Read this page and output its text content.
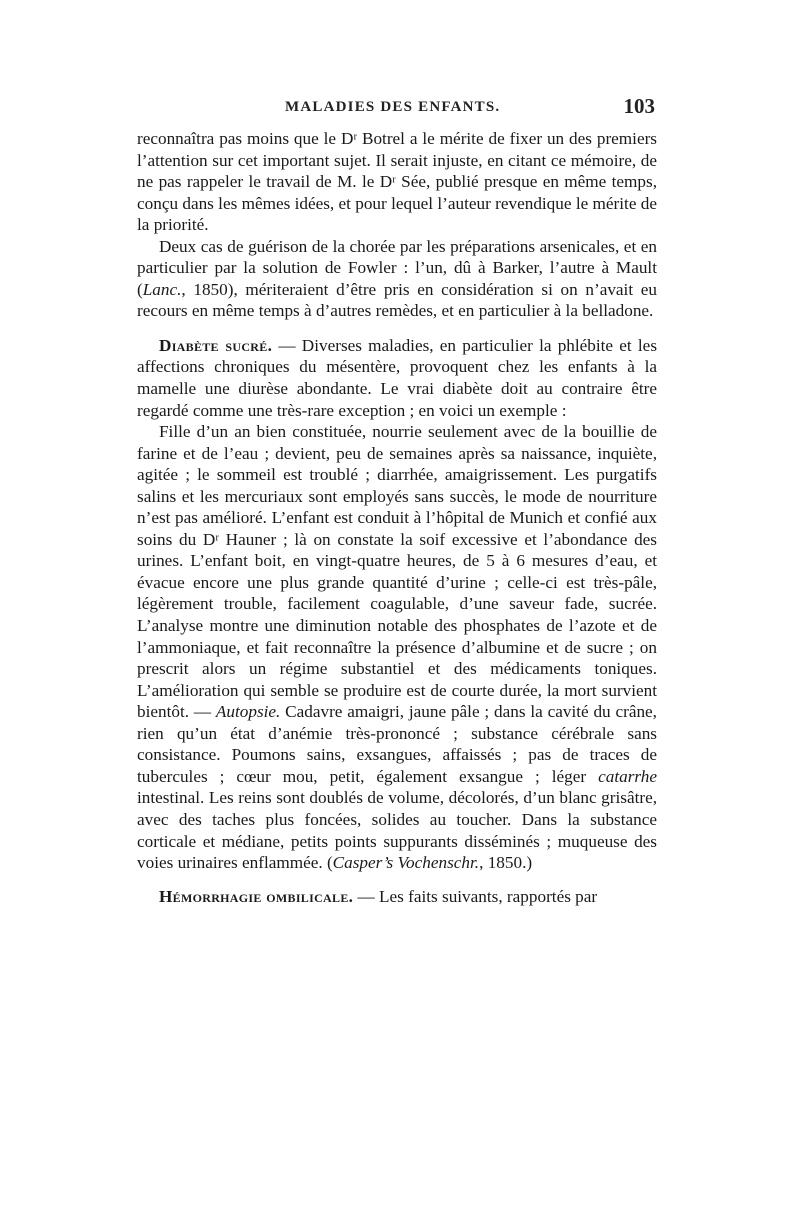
MALADIES DES ENFANTS.	103

reconnaîtra pas moins que le Dʳ Botrel a le mérite de fixer un des premiers l’attention sur cet important sujet. Il serait injuste, en citant ce mémoire, de ne pas rappeler le travail de M. le Dʳ Sée, publié presque en même temps, conçu dans les mêmes idées, et pour lequel l’auteur revendique le mérite de la priorité.

Deux cas de guérison de la chorée par les préparations arsenicales, et en particulier par la solution de Fowler : l’un, dû à Barker, l’autre à Mault (Lanc., 1850), mériteraient d’être pris en considération si on n’avait eu recours en même temps à d’autres remèdes, et en particulier à la belladone.

Diabète sucré. — Diverses maladies, en particulier la phlébite et les affections chroniques du mésentère, provoquent chez les enfants à la mamelle une diurèse abondante. Le vrai diabète doit au contraire être regardé comme une très-rare exception ; en voici un exemple :

Fille d’un an bien constituée, nourrie seulement avec de la bouillie de farine et de l’eau ; devient, peu de semaines après sa naissance, inquiète, agitée ; le sommeil est troublé ; diarrhée, amaigrissement. Les purgatifs salins et les mercuriaux sont employés sans succès, le mode de nourriture n’est pas amélioré. L’enfant est conduit à l’hôpital de Munich et confié aux soins du Dʳ Hauner ; là on constate la soif excessive et l’abondance des urines. L’enfant boit, en vingt-quatre heures, de 5 à 6 mesures d’eau, et évacue encore une plus grande quantité d’urine ; celle-ci est très-pâle, légèrement trouble, facilement coagulable, d’une saveur fade, sucrée. L’analyse montre une diminution notable des phosphates de l’azote et de l’ammoniaque, et fait reconnaître la présence d’albumine et de sucre ; on prescrit alors un régime substantiel et des médicaments toniques. L’amélioration qui semble se produire est de courte durée, la mort survient bientôt. — Autopsie. Cadavre amaigri, jaune pâle ; dans la cavité du crâne, rien qu’un état d’anémie très-prononcé ; substance cérébrale sans consistance. Poumons sains, exsangues, affaissés ; pas de traces de tubercules ; cœur mou, petit, également exsangue ; léger catarrhe intestinal. Les reins sont doublés de volume, décolorés, d’un blanc grisâtre, avec des taches plus foncées, solides au toucher. Dans la substance corticale et médiane, petits points suppurants disséminés ; muqueuse des voies urinaires enflammée. (Casper’s Vochenschr., 1850.)

Hémorrhagie ombilicale. — Les faits suivants, rapportés par
